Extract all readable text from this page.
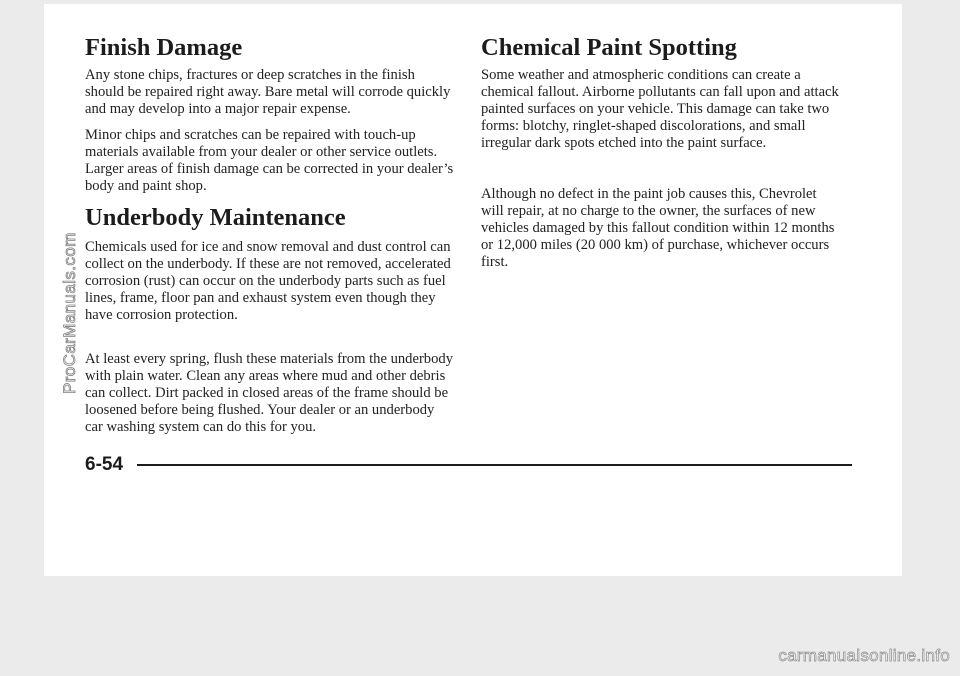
Finish Damage

Any stone chips, fractures or deep scratches in the finish should be repaired right away. Bare metal will corrode quickly and may develop into a major repair expense.

Minor chips and scratches can be repaired with touch-up materials available from your dealer or other service outlets. Larger areas of finish damage can be corrected in your dealer’s body and paint shop.

Underbody Maintenance

Chemicals used for ice and snow removal and dust control can collect on the underbody. If these are not removed, accelerated corrosion (rust) can occur on the underbody parts such as fuel lines, frame, floor pan and exhaust system even though they have corrosion protection.

At least every spring, flush these materials from the underbody with plain water. Clean any areas where mud and other debris can collect. Dirt packed in closed areas of the frame should be loosened before being flushed. Your dealer or an underbody car washing system can do this for you.

Chemical Paint Spotting

Some weather and atmospheric conditions can create a chemical fallout. Airborne pollutants can fall upon and attack painted surfaces on your vehicle. This damage can take two forms: blotchy, ringlet-shaped discolorations, and small irregular dark spots etched into the paint surface.

Although no defect in the paint job causes this, Chevrolet will repair, at no charge to the owner, the surfaces of new vehicles damaged by this fallout condition within 12 months or 12,000 miles (20 000 km) of purchase, whichever occurs first.

6-54
ProCarManuals.com
carmanualsonline.info
